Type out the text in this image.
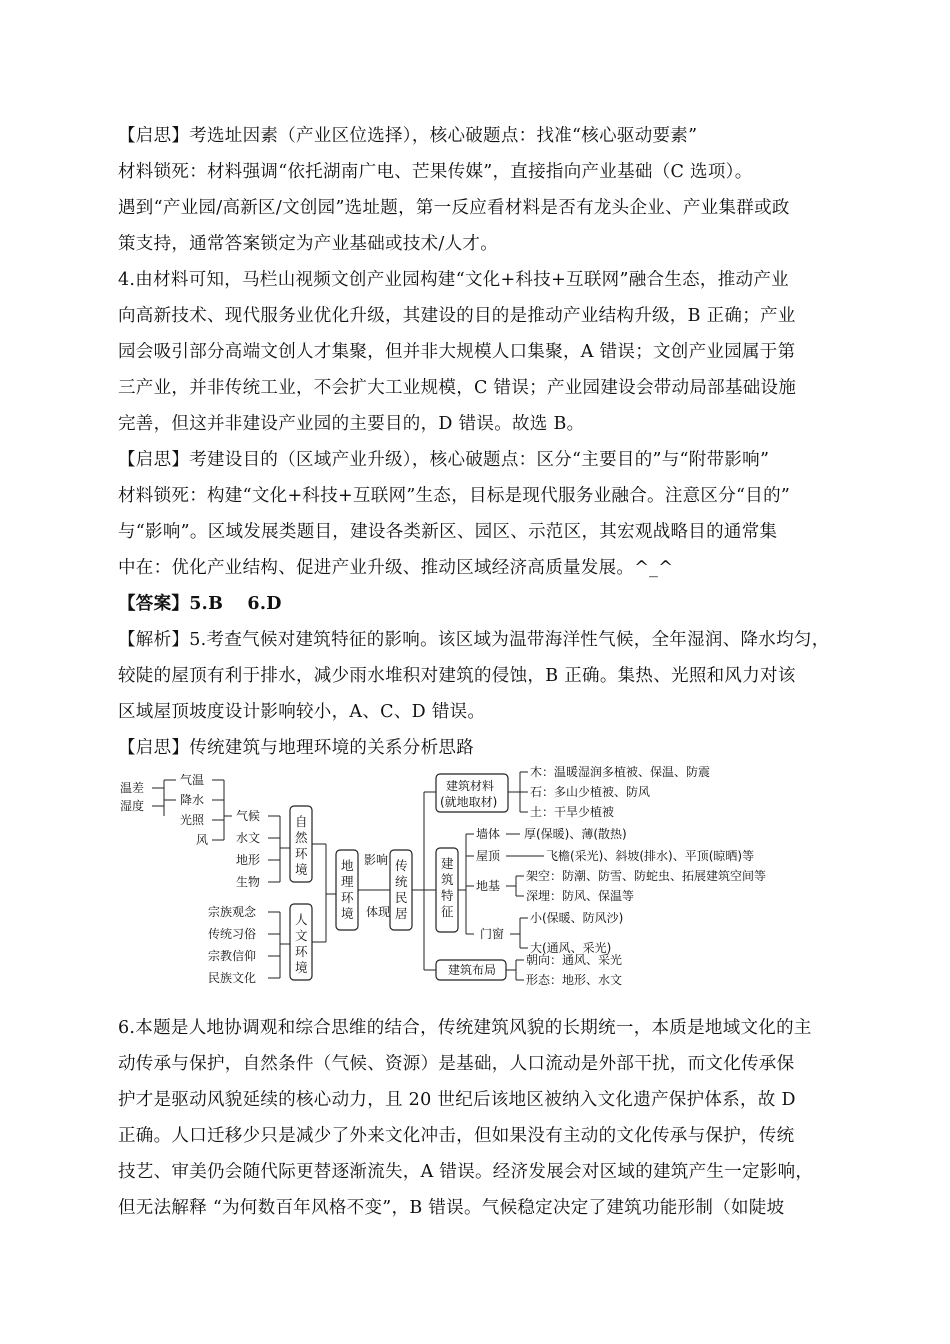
【启思】考选址因素（产业区位选择），核心破题点：找准“核心驱动要素”
材料锁死：材料强调“依托湖南广电、芒果传媒”，直接指向产业基础（C 选项）。
遇到“产业园/高新区/文创园”选址题，第一反应看材料是否有龙头企业、产业集群或政
策支持，通常答案锁定为产业基础或技术/人才。
4.由材料可知，马栏山视频文创产业园构建“文化+科技+互联网”融合生态，推动产业
向高新技术、现代服务业优化升级，其建设的目的是推动产业结构升级，B 正确；产业
园会吸引部分高端文创人才集聚，但并非大规模人口集聚，A 错误；文创产业园属于第
三产业，并非传统工业，不会扩大工业规模，C 错误；产业园建设会带动局部基础设施
完善，但这并非建设产业园的主要目的，D 错误。故选 B。
【启思】考建设目的（区域产业升级），核心破题点：区分“主要目的”与“附带影响”
材料锁死：构建“文化+科技+互联网”生态，目标是现代服务业融合。注意区分“目的”
与“影响”。区域发展类题目，建设各类新区、园区、示范区，其宏观战略目的通常集
中在：优化产业结构、促进产业升级、推动区域经济高质量发展。^_^
【答案】5.B　 6.D
【解析】5.考查气候对建筑特征的影响。该区域为温带海洋性气候，全年湿润、降水均匀，
较陡的屋顶有利于排水，减少雨水堆积对建筑的侵蚀，B 正确。集热、光照和风力对该
区域屋顶坡度设计影响较小，A、C、D 错误。
【启思】传统建筑与地理环境的关系分析思路
温差
湿度
气温
降水
光照
风
气候
水文
地形
生物
宗族观念
传统习俗
宗教信仰
民族文化
自
然
环
境
人
文
环
境
地
理
环
境
影响
体现
传
统
民
居
建筑材料
(就地取材)
木：温暖湿润多植被、保温、防震
石：多山少植被、防风
土：干旱少植被
建
筑
特
征
墙体 厚(保暖)、薄(散热)
屋顶	飞檐(采光)、斜坡(排水)、平顶(晾晒)等
地基
架空：防潮、防雪、防蛇虫、拓展建筑空间等
深埋：防风、保温等
门窗
小(保暖、防风沙)
大(通风、采光)
建筑布局
朝向：通风、采光
形态：地形、水文
6.本题是人地协调观和综合思维的结合，传统建筑风貌的长期统一，本质是地域文化的主
动传承与保护，自然条件（气候、资源）是基础，人口流动是外部干扰，而文化传承保
护才是驱动风貌延续的核心动力，且 20 世纪后该地区被纳入文化遗产保护体系，故 D
正确。人口迁移少只是减少了外来文化冲击，但如果没有主动的文化传承与保护，传统
技艺、审美仍会随代际更替逐渐流失，A 错误。经济发展会对区域的建筑产生一定影响，
但无法解释 “为何数百年风格不变”，B 错误。气候稳定决定了建筑功能形制（如陡坡
